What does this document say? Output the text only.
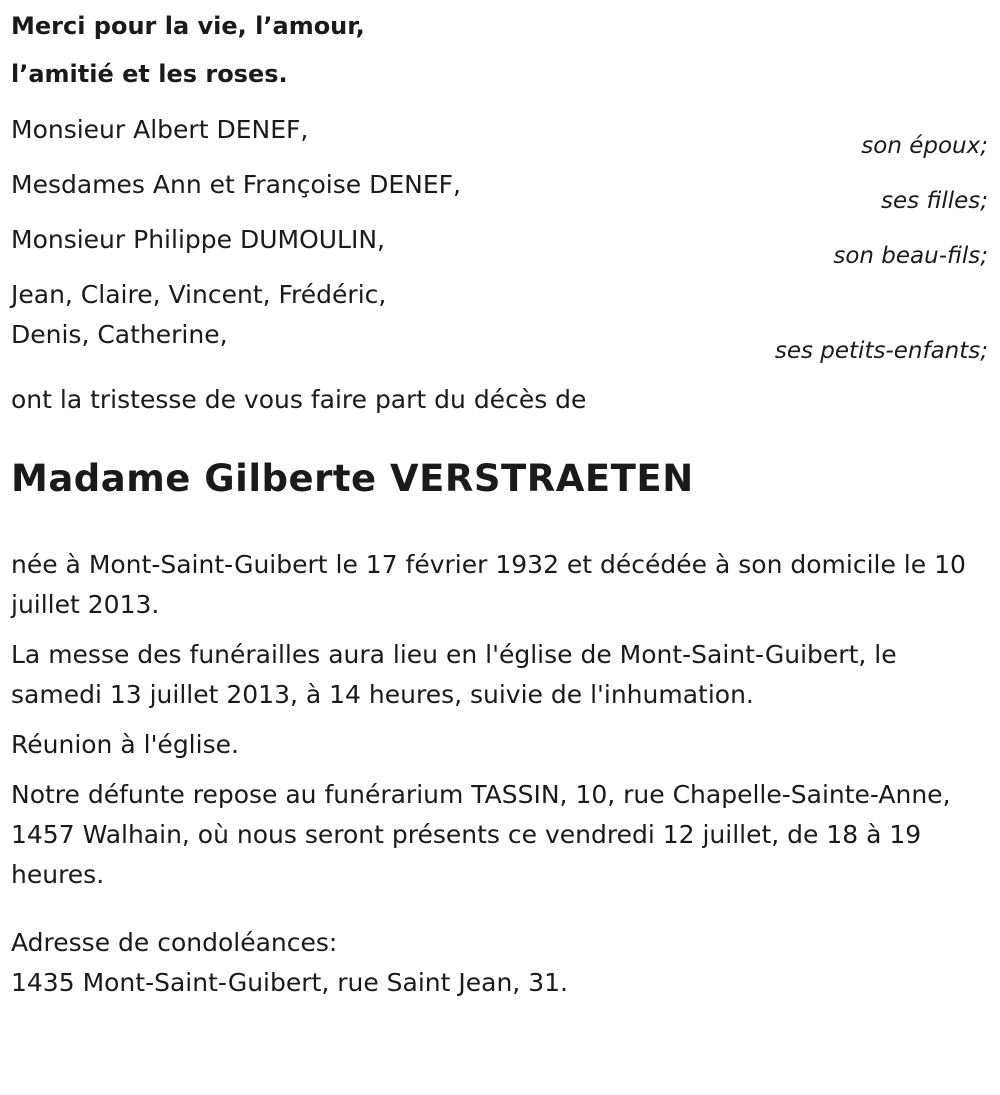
Merci pour la vie, l’amour,
l’amitié et les roses.
Monsieur Albert DENEF,
son époux;
Mesdames Ann et Françoise DENEF,
ses filles;
Monsieur Philippe DUMOULIN,
son beau-fils;
Jean, Claire, Vincent, Frédéric,
Denis, Catherine,
ses petits-enfants;
ont la tristesse de vous faire part du décès de
Madame Gilberte VERSTRAETEN
née à Mont-Saint-Guibert le 17 février 1932 et décédée à son domicile le 10 juillet 2013.
La messe des funérailles aura lieu en l'église de Mont-Saint-Guibert, le samedi 13 juillet 2013, à 14 heures, suivie de l'inhumation.
Réunion à l'église.
Notre défunte repose au funérarium TASSIN, 10, rue Chapelle-Sainte-Anne, 1457 Walhain, où nous seront présents ce vendredi 12 juillet, de 18 à 19 heures.
Adresse de condoléances:
1435 Mont-Saint-Guibert, rue Saint Jean, 31.
